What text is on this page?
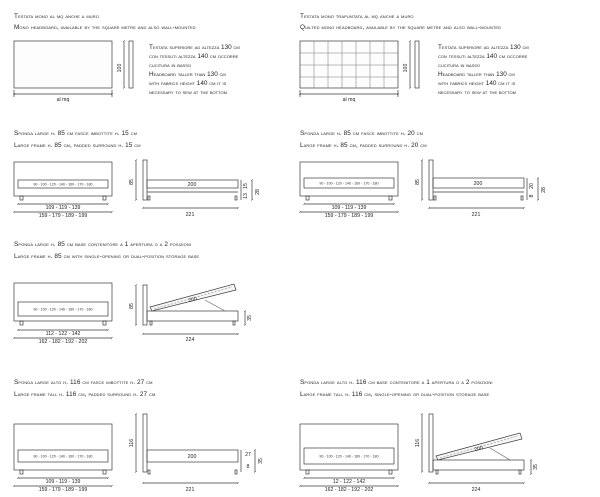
Testata mono al mq anche a muro
Mono headboard, available by the square metre and also wall-mounted
Testata superiore ad altezza 130 cm
con tessuti altezza 140 cm occorre
cucitura in basso
Headboard taller than 130 cm
with fabrics height 140 cm it is
necessary to sew at the bottom
Testata mono trapuntata al mq anche a muro
Quilted mono headboard, available by the square metre and also wall-mounted
Testata superiore ad altezza 130 cm
con tessuti altezza 140 cm occorre
cucitura in basso
Headboard taller than 130 cm
with fabrics height 140 cm it is
necessary to sew at the bottom
Sponda large h. 85 cm fasce imbottite h. 15 cm
Large frame h. 85 cm, padded surround h. 15 cm
Sponda large h. 85 cm fasce imbottite h. 20 cm
Large frame h. 85 cm, padded surround h. 20 cm
Sponda large h. 85 cm base contenitore a 1 apertura o a 2 posizioni
Large frame h. 85 cm with single-opening or dual-position storage base
Sponda large alto h. 116 cm fasce imbottite h. 27 cm
Large frame tall h. 116 cm, padded surround h. 27 cm
Sponda large alto h. 116 cm base contenitore a 1 apertura o a 2 posizioni
Large frame tall h. 116 cm, single-opening or dual-position storage base
al mq
100
al mq
100
90 - 100 - 120 - 140 - 160 - 170 - 180
109 - 119 - 139
159 - 179 - 189 - 199
85	200
221
15
13
28
90 - 100 - 120 - 140 - 160 - 170 - 180
109 - 119 - 139
159 - 179 - 189 - 199
85	200
221
20
8
28
90 - 100 - 120 - 140 - 160 - 170 - 180
112 - 122 - 142
162 - 182 - 192 - 202
85
200
224
35
90 - 100 - 120 - 140 - 160 - 170 - 180
109 - 119 - 139
159 - 179 - 189 - 199
116
200
221
27
8
35
90 - 100 - 120 - 140 - 160 - 170 - 180
12 - 122 - 142
162 - 182 - 192 - 202
116
200
224
35
